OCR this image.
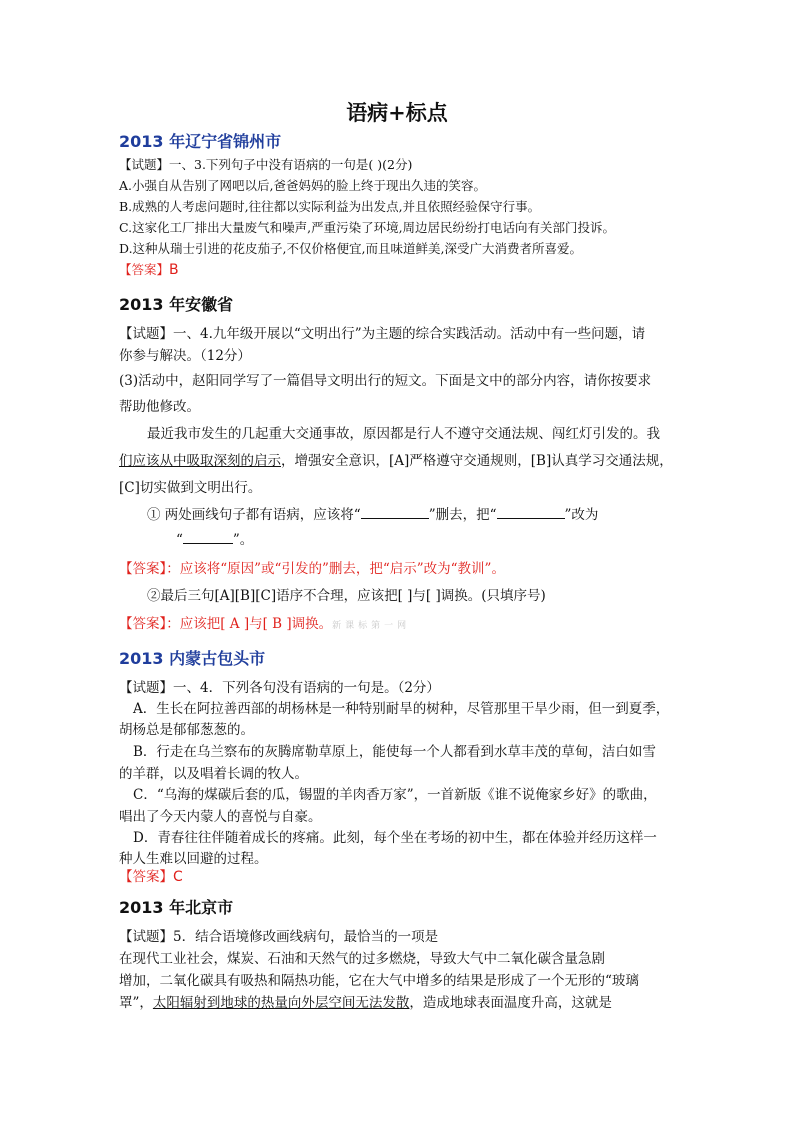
语病+标点
2013 年辽宁省锦州市
【试题】一、3.下列句子中没有语病的一句是( )(2分)
A.小强自从告别了网吧以后,爸爸妈妈的脸上终于现出久违的笑容。
B.成熟的人考虑问题时,往往都以实际利益为出发点,并且依照经验保守行事。
C.这家化工厂排出大量废气和噪声,严重污染了环境,周边居民纷纷打电话向有关部门投诉。
D.这种从瑞士引进的花皮茄子,不仅价格便宜,而且味道鲜美,深受广大消费者所喜爱。
【答案】B
2013 年安徽省
【试题】一、4.九年级开展以“文明出行”为主题的综合实践活动。活动中有一些问题，请
你参与解决。（12分）
(3)活动中，赵阳同学写了一篇倡导文明出行的短文。下面是文中的部分内容，请你按要求
帮助他修改。
最近我市发生的几起重大交通事故，原因都是行人不遵守交通法规、闯红灯引发的。我
们应该从中吸取深刻的启示，增强安全意识，[A]严格遵守交通规则，[B]认真学习交通法规，
[C]切实做到文明出行。
① 两处画线句子都有语病，应该将“	”删去，把“	”改为
“	”。
【答案】：应该将“原因”或“引发的”删去，把“启示”改为“教训”。
②最后三句[A][B][C]语序不合理，应该把[ ]与[ ]调换。(只填序号)
【答案】：应该把[ A ]与[ B ]调换。新课标第一网
2013 内蒙古包头市
【试题】一、4．下列各句没有语病的一句是。（2分）
A．生长在阿拉善西部的胡杨林是一种特别耐旱的树种，尽管那里干旱少雨，但一到夏季，
胡杨总是郁郁葱葱的。
B．行走在乌兰察布的灰腾席勒草原上，能使每一个人都看到水草丰茂的草甸，洁白如雪
的羊群，以及唱着长调的牧人。
C．“乌海的煤碳后套的瓜，锡盟的羊肉香万家”，一首新版《谁不说俺家乡好》的歌曲，
唱出了今天内蒙人的喜悦与自豪。
D．青春往往伴随着成长的疼痛。此刻，每个坐在考场的初中生，都在体验并经历这样一
种人生难以回避的过程。
【答案】C
2013 年北京市
【试题】5．结合语境修改画线病句，最恰当的一项是
在现代工业社会，煤炭、石油和天然气的过多燃烧，导致大气中二氧化碳含量急剧
增加，二氧化碳具有吸热和隔热功能，它在大气中增多的结果是形成了一个无形的“玻璃
罩”，太阳辐射到地球的热量向外层空间无法发散，造成地球表面温度升高，这就是
